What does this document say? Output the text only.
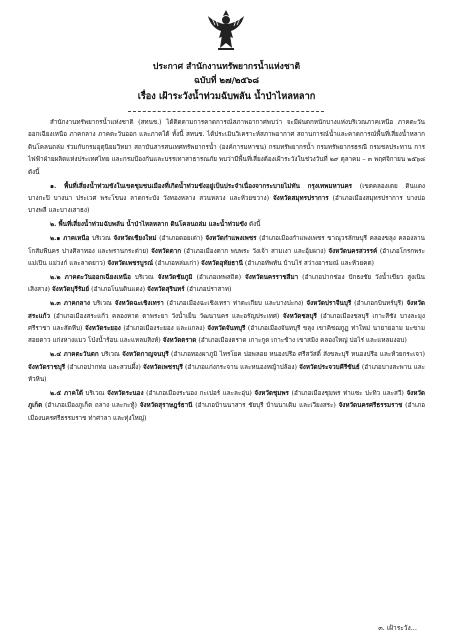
ประกาศ สำนักงานทรัพยากรน้ำแห่งชาติ
ฉบับที่ ๒๗/๒๕๖๘
เรื่อง เฝ้าระวังน้ำท่วมฉับพลัน น้ำป่าไหลหลาก

สำนักงานทรัพยากรน้ำแห่งชาติ (สทนช.) ได้ติดตามการคาดการณ์สภาพอากาศพบว่า จะมีฝนตกหนักบางแห่งบริเวณภาคเหนือ ภาคตะวันออกเฉียงเหนือ ภาคกลาง ภาคตะวันออก และภาคใต้ ทั้งนี้ สทนช. ได้ประเมินวิเคราะห์สภาพอากาศ สถานการณ์น้ำและคาดการณ์พื้นที่เสี่ยงน้ำหลาก ดินโคลนถล่ม ร่วมกับกรมอุตุนิยมวิทยา สถาบันสารสนเทศทรัพยากรน้ำ (องค์การมหาชน) กรมทรัพยากรน้ำ กรมทรัพยากรธรณี กรมชลประทาน การไฟฟ้าฝ่ายผลิตแห่งประเทศไทย และกรมป้องกันและบรรเทาสาธารณภัย พบว่ามีพื้นที่เสี่ยงต้องเฝ้าระวังในช่วงวันที่ ๒๙ ตุลาคม – ๓ พฤศจิกายน ๒๕๖๘ ดังนี้

๑. พื้นที่เสี่ยงน้ำท่วมขังในเขตชุมชนเมืองที่เกิดน้ำท่วมขังอยู่เป็นประจำเนื่องจากระบายไม่ทัน กรุงเทพมหานคร (เขตคลองเตย ดินแดง บางกะปิ บางนา ประเวศ พระโขนง ลาดกระบัง วังทองหลาง สวนหลวง และห้วยขวาง) จังหวัดสมุทรปราการ (อำเภอเมืองสมุทรปราการ บางบ่อ บางพลี และบางเสาธง)

๒. พื้นที่เสี่ยงน้ำท่วมฉับพลัน น้ำป่าไหลหลาก ดินโคลนถล่ม และน้ำท่วมขัง ดังนี้

๒.๑ ภาคเหนือ บริเวณ จังหวัดเชียงใหม่ (อำเภอดอยเต่า) จังหวัดกำแพงเพชร (อำเภอเมืองกำแพงเพชร ขาณุวรลักษบุรี คลองขลุง คลองลาน โกสัมพีนคร ปางศิลาทอง และพรานกระต่าย) จังหวัดตาก (อำเภอเมืองตาก พบพระ วังเจ้า สามเงา และอุ้มผาง) จังหวัดนครสวรรค์ (อำเภอโกรกพระ แม่เปิน แม่วงก์ และลาดยาว) จังหวัดเพชรบูรณ์ (อำเภอหล่มเก่า) จังหวัดอุทัยธานี (อำเภอทัพทัน บ้านไร่ สว่างอารมณ์ และห้วยคต)

๒.๒ ภาคตะวันออกเฉียงเหนือ บริเวณ จังหวัดชัยภูมิ (อำเภอเทพสถิต) จังหวัดนครราชสีมา (อำเภอปากช่อง ปักธงชัย วังน้ำเขียว สูงเนิน เสิงสาง) จังหวัดบุรีรัมย์ (อำเภอโนนดินแดง) จังหวัดสุรินทร์ (อำเภอปราสาท)

๒.๓ ภาคกลาง บริเวณ จังหวัดฉะเชิงเทรา (อำเภอเมืองฉะเชิงเทรา ท่าตะเกียบ และบางปะกง) จังหวัดปราจีนบุรี (อำเภอกบินทร์บุรี) จังหวัดสระแก้ว (อำเภอเมืองสระแก้ว คลองหาด ตาพระยา วังน้ำเย็น วัฒนานคร และอรัญประเทศ) จังหวัดชลบุรี (อำเภอเมืองชลบุรี เกาะสีชัง บางละมุง ศรีราชา และสัตหีบ) จังหวัดระยอง (อำเภอเมืองระยอง และแกลง) จังหวัดจันทบุรี (อำเภอเมืองจันทบุรี ขลุง เขาคิชฌกูฏ ท่าใหม่ นายายอาม มะขาม สอยดาว แก่งหางแมว โป่งน้ำร้อน และแหลมสิงห์) จังหวัดตราด (อำเภอเมืองตราด เกาะกูด เกาะช้าง เขาสมิง คลองใหญ่ บ่อไร่ และแหลมงอบ)

๒.๔ ภาคตะวันตก บริเวณ จังหวัดกาญจนบุรี (อำเภอทองผาภูมิ ไทรโยค บ่อพลอย หนองปรือ ศรีสวัสดิ์ สังขละบุรี หนองปรือ และห้วยกระเจา) จังหวัดราชบุรี (อำเภอปากท่อ และสวนผึ้ง) จังหวัดเพชรบุรี (อำเภอแก่งกระจาน และหนองหญ้าปล้อง) จังหวัดประจวบคีรีขันธ์ (อำเภอบางสะพาน และหัวหิน)

๒.๕ ภาคใต้ บริเวณ จังหวัดระนอง (อำเภอเมืองระนอง กะเปอร์ และละอุ่น) จังหวัดชุมพร (อำเภอเมืองชุมพร ท่าแซะ ปะทิว และสวี) จังหวัดภูเก็ต (อำเภอเมืองภูเก็ต ถลาง และกะทู้) จังหวัดสุราษฎร์ธานี (อำเภอบ้านนาสาร ชัยบุรี บ้านนาเดิม และเวียงสระ) จังหวัดนครศรีธรรมราช (อำเภอเมืองนครศรีธรรมราช ท่าศาลา และทุ่งใหญ่)

๓. เฝ้าระวัง...
